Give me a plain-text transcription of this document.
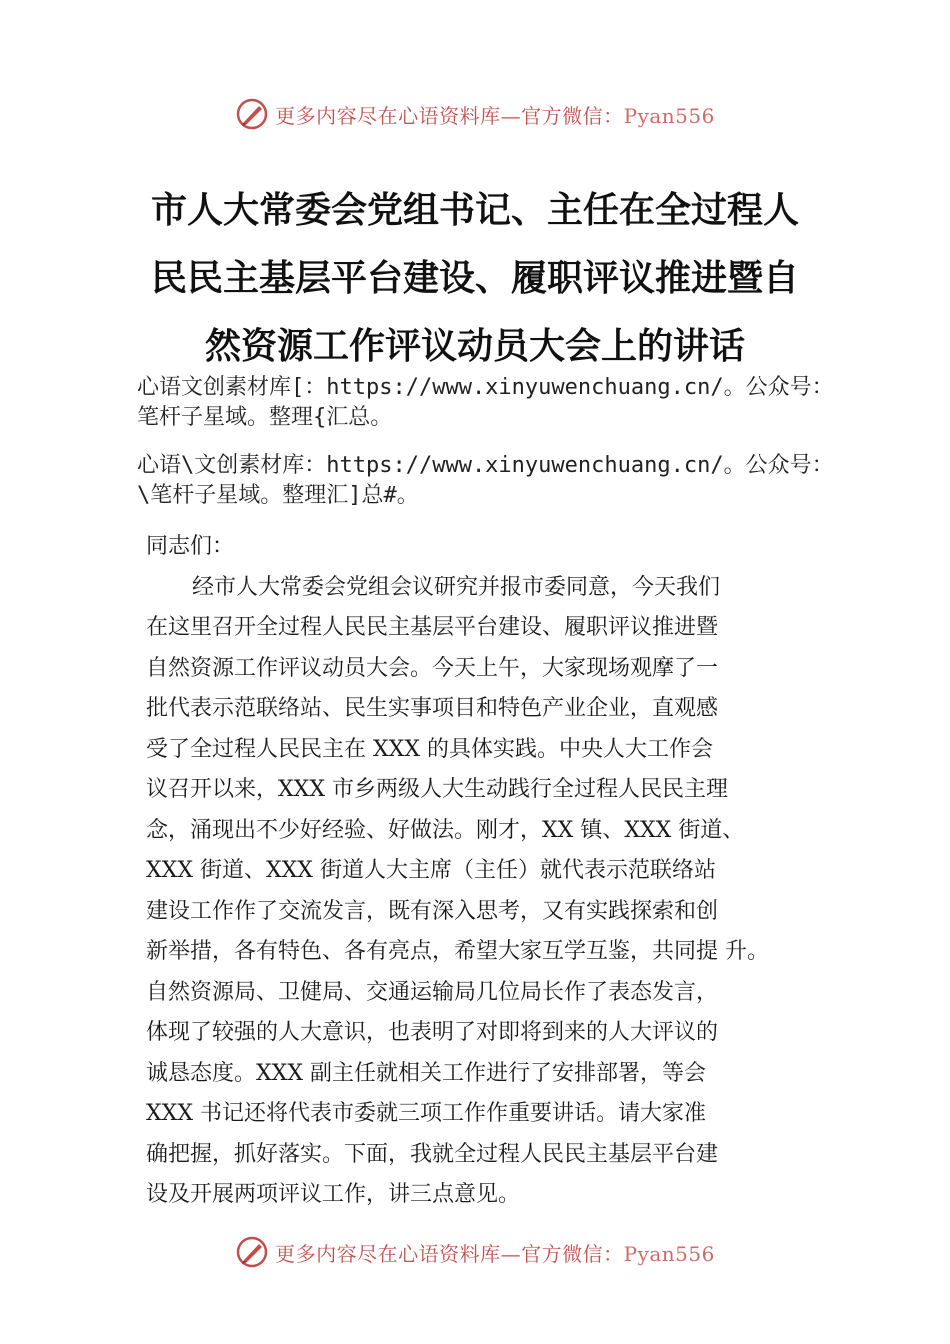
更多内容尽在心语资料库—官方微信：Pyan556
市人大常委会党组书记、主任在全过程人
民民主基层平台建设、履职评议推进暨自
然资源工作评议动员大会上的讲话
心语文创素材库[：https://www.xinyuwenchuang.cn/。公众号：
笔杆子星域。整理{汇总。
心语\文创素材库：https://www.xinyuwenchuang.cn/。公众号：
\笔杆子星域。整理汇]总#。
同志们：
经市人大常委会党组会议研究并报市委同意，今天我们
在这里召开全过程人民民主基层平台建设、履职评议推进暨
自然资源工作评议动员大会。今天上午，大家现场观摩了一
批代表示范联络站、民生实事项目和特色产业企业，直观感
受了全过程人民民主在 XXX 的具体实践。中央人大工作会
议召开以来，XXX 市乡两级人大生动践行全过程人民民主理
念，涌现出不少好经验、好做法。刚才，XX 镇、XXX 街道、
XXX 街道、XXX 街道人大主席（主任）就代表示范联络站
建设工作作了交流发言，既有深入思考，又有实践探索和创
新举措，各有特色、各有亮点，希望大家互学互鉴，共同提 升。
自然资源局、卫健局、交通运输局几位局长作了表态发言，
体现了较强的人大意识，也表明了对即将到来的人大评议的
诚恳态度。XXX 副主任就相关工作进行了安排部署，等会
XXX 书记还将代表市委就三项工作作重要讲话。请大家准
确把握，抓好落实。下面，我就全过程人民民主基层平台建
设及开展两项评议工作，讲三点意见。
更多内容尽在心语资料库—官方微信：Pyan556
